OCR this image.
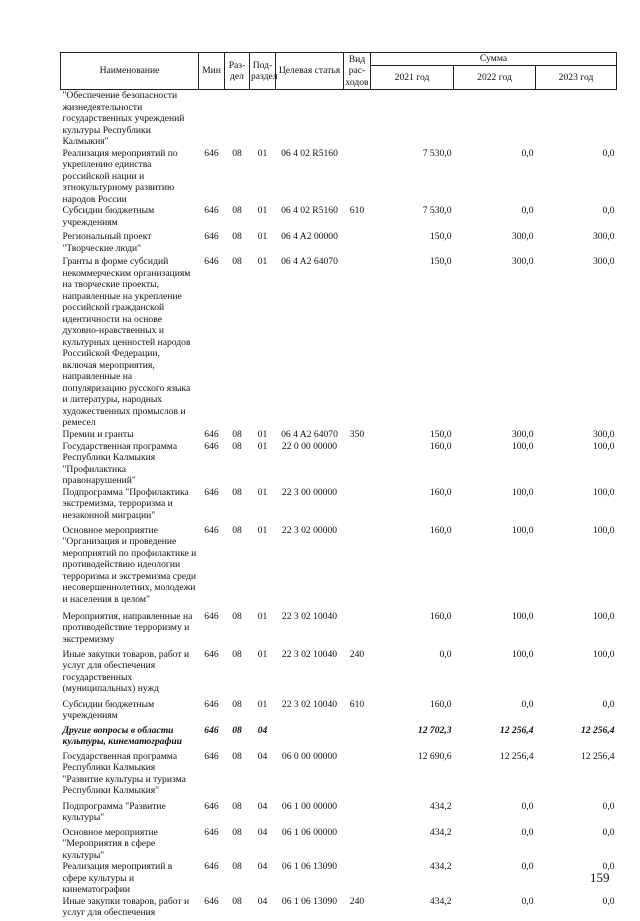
Наименование	Мин	Раз-дел	Под-раздел	Целевая статья	Вид рас-ходов	Сумма		
						2021 год	2022 год	2023 год
"Обеспечение безопасности жизнедеятельности государственных учреждений культуры Республики Калмыкия"								
Реализация мероприятий по укреплению единства российской нации и этнокультурному развитию народов России	646	08	01	06 4 02 R5160		7 530,0	0,0	0,0
Субсидии бюджетным учреждениям	646	08	01	06 4 02 R5160	610	7 530,0	0,0	0,0
Региональный проект "Творческие люди"	646	08	01	06 4 A2 00000		150,0	300,0	300,0
Гранты в форме субсидий некоммерческим организациям на творческие проекты, направленные на укрепление российской гражданской идентичности на основе духовно-нравственных и культурных ценностей народов Российской Федерации, включая мероприятия, направленные на популяризацию русского языка и литературы, народных художественных промыслов и ремесел	646	08	01	06 4 A2 64070		150,0	300,0	300,0
Премии и гранты	646	08	01	06 4 A2 64070	350	150,0	300,0	300,0
Государственная программа Республики Калмыкия "Профилактика правонарушений"	646	08	01	22 0 00 00000		160,0	100,0	100,0
Подпрограмма "Профилактика экстремизма, терроризма и незаконной миграции"	646	08	01	22 3 00 00000		160,0	100,0	100,0
Основное мероприятие "Организация и проведение мероприятий по профилактике и противодействию идеологии терроризма и экстремизма среди несовершеннолетних, молодежи и населения в целом"	646	08	01	22 3 02 00000		160,0	100,0	100,0
Мероприятия, направленные на противодействие терроризму и экстремизму	646	08	01	22 3 02 10040		160,0	100,0	100,0
Иные закупки товаров, работ и услуг для обеспечения государственных (муниципальных) нужд	646	08	01	22 3 02 10040	240	0,0	100,0	100,0
Субсидии бюджетным учреждениям	646	08	01	22 3 02 10040	610	160,0	0,0	0,0
Другие вопросы в области культуры, кинематографии	646	08	04			12 702,3	12 256,4	12 256,4
Государственная программа Республики Калмыкия "Развитие культуры и туризма Республики Калмыкия"	646	08	04	06 0 00 00000		12 690,6	12 256,4	12 256,4
Подпрограмма "Развитие культуры"	646	08	04	06 1 00 00000		434,2	0,0	0,0
Основное мероприятие "Мероприятия в сфере культуры"	646	08	04	06 1 06 00000		434,2	0,0	0,0
Реализация мероприятий в сфере культуры и кинематографии	646	08	04	06 1 06 13090		434,2	0,0	0,0
Иные закупки товаров, работ и услуг для обеспечения	646	08	04	06 1 06 13090	240	434,2	0,0	0,0
159
